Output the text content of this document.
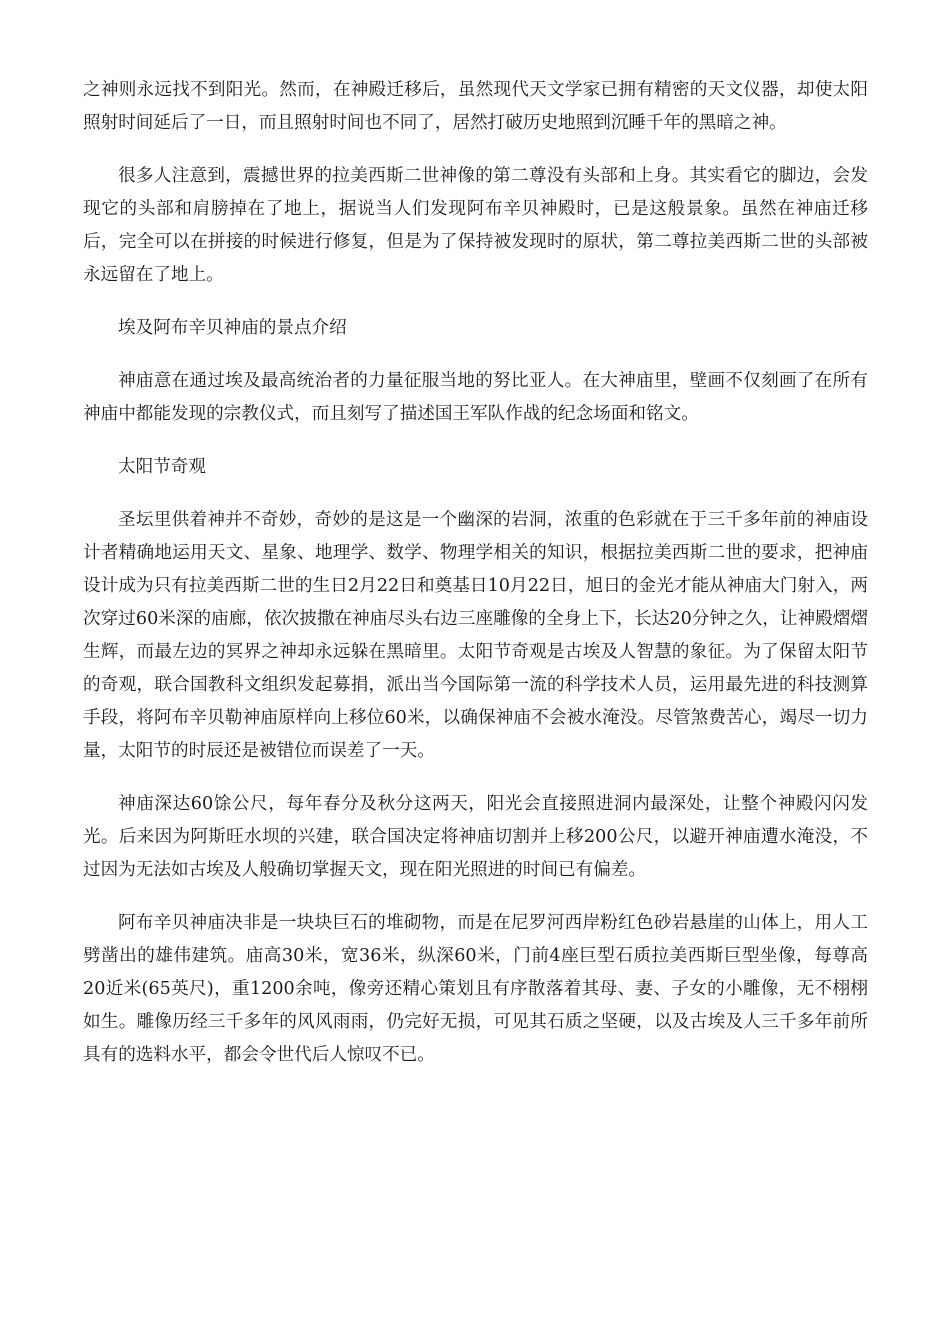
之神则永远找不到阳光。然而，在神殿迁移后，虽然现代天文学家已拥有精密的天文仪器，却使太阳照射时间延后了一日，而且照射时间也不同了，居然打破历史地照到沉睡千年的黑暗之神。

很多人注意到，震撼世界的拉美西斯二世神像的第二尊没有头部和上身。其实看它的脚边，会发现它的头部和肩膀掉在了地上，据说当人们发现阿布辛贝神殿时，已是这般景象。虽然在神庙迁移后，完全可以在拼接的时候进行修复，但是为了保持被发现时的原状，第二尊拉美西斯二世的头部被永远留在了地上。

埃及阿布辛贝神庙的景点介绍

神庙意在通过埃及最高统治者的力量征服当地的努比亚人。在大神庙里，壁画不仅刻画了在所有神庙中都能发现的宗教仪式，而且刻写了描述国王军队作战的纪念场面和铭文。

太阳节奇观

圣坛里供着神并不奇妙，奇妙的是这是一个幽深的岩洞，浓重的色彩就在于三千多年前的神庙设计者精确地运用天文、星象、地理学、数学、物理学相关的知识，根据拉美西斯二世的要求，把神庙设计成为只有拉美西斯二世的生日2月22日和奠基日10月22日，旭日的金光才能从神庙大门射入，两次穿过60米深的庙廊，依次披撒在神庙尽头右边三座雕像的全身上下，长达20分钟之久，让神殿熠熠生辉，而最左边的冥界之神却永远躲在黑暗里。太阳节奇观是古埃及人智慧的象征。为了保留太阳节的奇观，联合国教科文组织发起募捐，派出当今国际第一流的科学技术人员，运用最先进的科技测算手段，将阿布辛贝勒神庙原样向上移位60米，以确保神庙不会被水淹没。尽管煞费苦心，竭尽一切力量，太阳节的时辰还是被错位而误差了一天。

神庙深达60馀公尺，每年春分及秋分这两天，阳光会直接照进洞内最深处，让整个神殿闪闪发光。后来因为阿斯旺水坝的兴建，联合国决定将神庙切割并上移200公尺，以避开神庙遭水淹没，不过因为无法如古埃及人般确切掌握天文，现在阳光照进的时间已有偏差。

阿布辛贝神庙决非是一块块巨石的堆砌物，而是在尼罗河西岸粉红色砂岩悬崖的山体上，用人工劈凿出的雄伟建筑。庙高30米，宽36米，纵深60米，门前4座巨型石质拉美西斯巨型坐像，每尊高20近米(65英尺)，重1200余吨，像旁还精心策划且有序散落着其母、妻、子女的小雕像，无不栩栩如生。雕像历经三千多年的风风雨雨，仍完好无损，可见其石质之坚硬，以及古埃及人三千多年前所具有的选料水平，都会令世代后人惊叹不已。
